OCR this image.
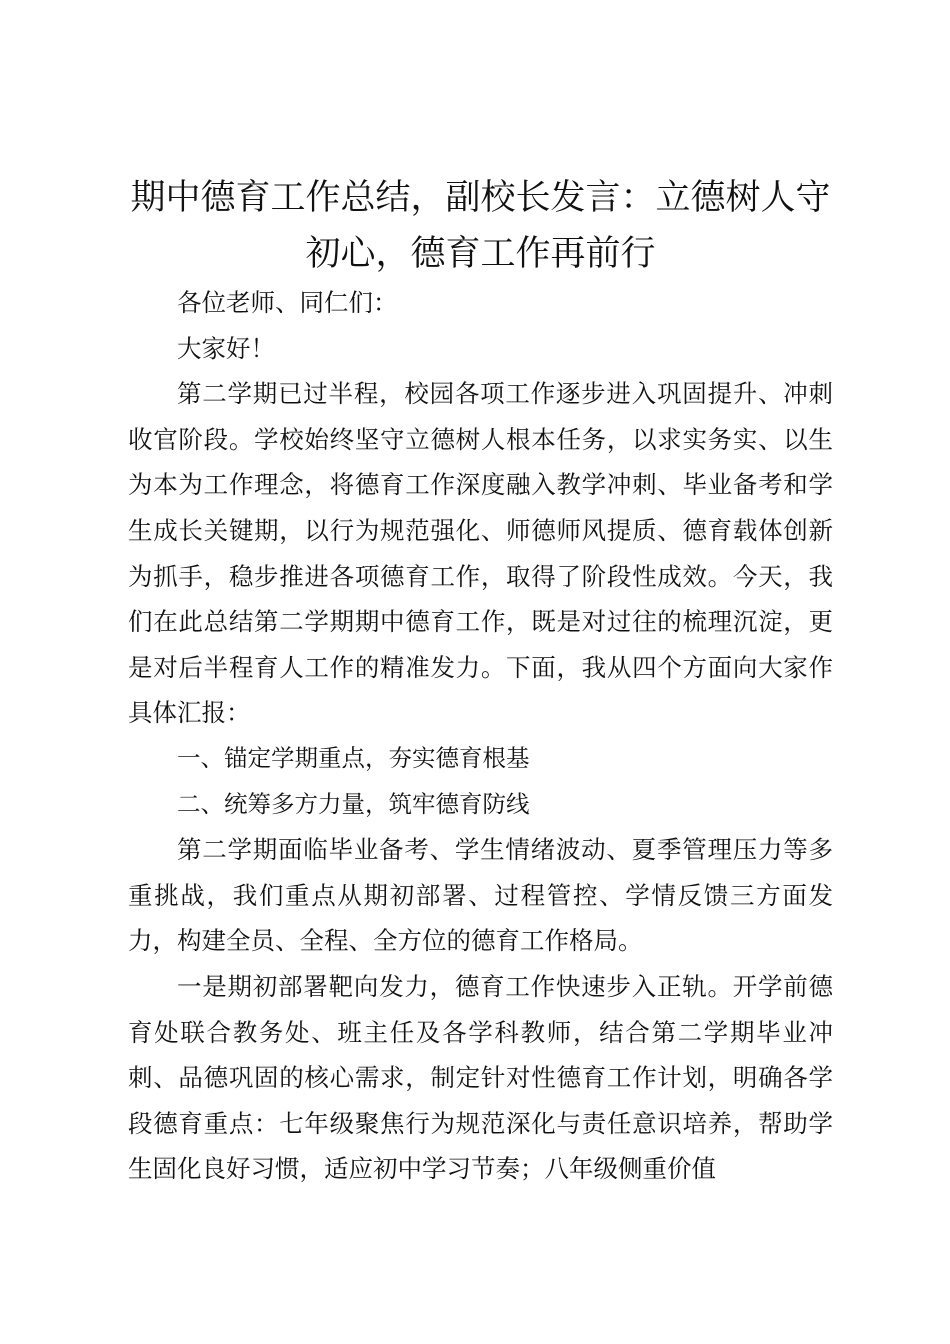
期中德育工作总结，副校长发言：立德树人守
初心，德育工作再前行

各位老师、同仁们：

大家好！

第二学期已过半程，校园各项工作逐步进入巩固提升、冲刺收官阶段。学校始终坚守立德树人根本任务，以求实务实、以生为本为工作理念，将德育工作深度融入教学冲刺、毕业备考和学生成长关键期，以行为规范强化、师德师风提质、德育载体创新为抓手，稳步推进各项德育工作，取得了阶段性成效。今天，我们在此总结第二学期期中德育工作，既是对过往的梳理沉淀，更是对后半程育人工作的精准发力。下面，我从四个方面向大家作具体汇报：

一、锚定学期重点，夯实德育根基

二、统筹多方力量，筑牢德育防线

第二学期面临毕业备考、学生情绪波动、夏季管理压力等多重挑战，我们重点从期初部署、过程管控、学情反馈三方面发力，构建全员、全程、全方位的德育工作格局。

一是期初部署靶向发力，德育工作快速步入正轨。开学前德育处联合教务处、班主任及各学科教师，结合第二学期毕业冲刺、品德巩固的核心需求，制定针对性德育工作计划，明确各学段德育重点：七年级聚焦行为规范深化与责任意识培养，帮助学生固化良好习惯，适应初中学习节奏；八年级侧重价值
